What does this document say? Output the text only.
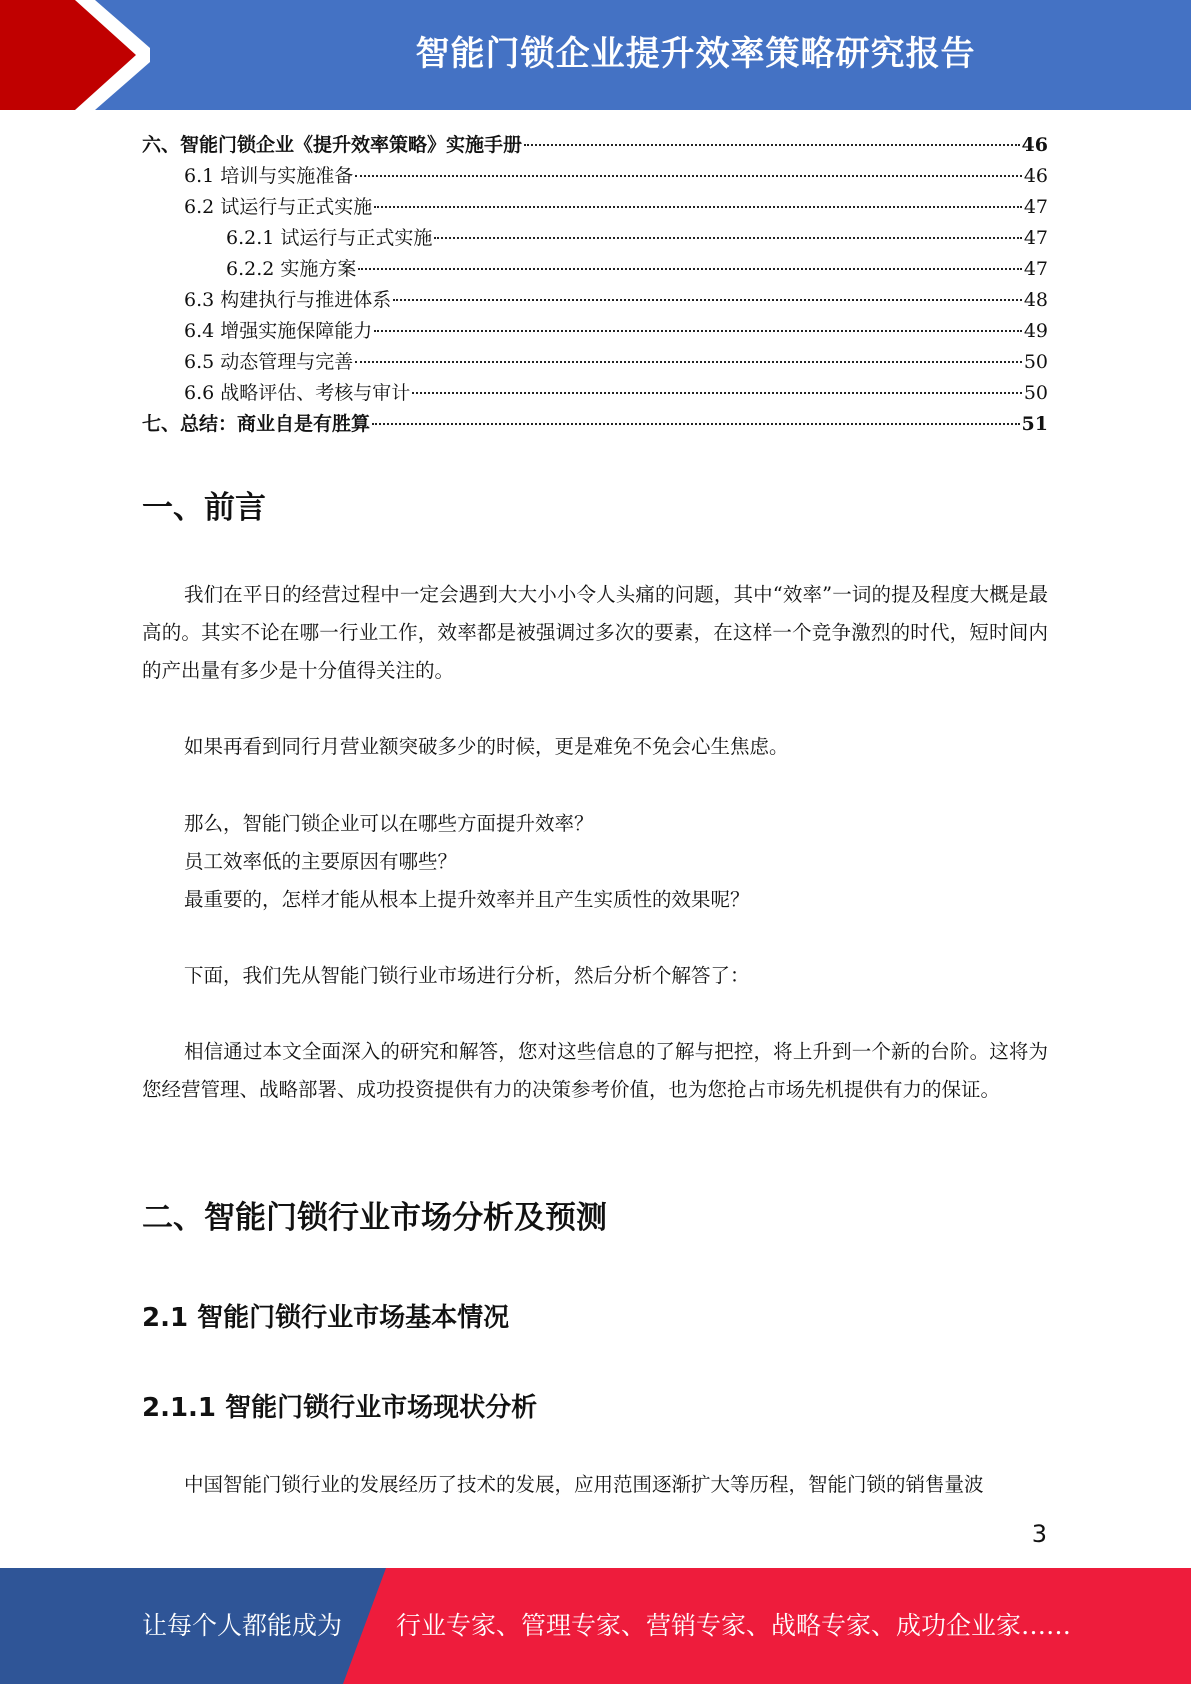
智能门锁企业提升效率策略研究报告
六、智能门锁企业《提升效率策略》实施手册	46
6.1 培训与实施准备	46
6.2 试运行与正式实施	47
6.2.1 试运行与正式实施	47
6.2.2 实施方案	47
6.3 构建执行与推进体系	48
6.4 增强实施保障能力	49
6.5 动态管理与完善	50
6.6 战略评估、考核与审计	50
七、总结：商业自是有胜算	51
一、前言

我们在平日的经营过程中一定会遇到大大小小令人头痛的问题，其中“效率”一词的提及程度大概是最高的。其实不论在哪一行业工作，效率都是被强调过多次的要素，在这样一个竞争激烈的时代，短时间内的产出量有多少是十分值得关注的。

如果再看到同行月营业额突破多少的时候，更是难免不免会心生焦虑。

那么，智能门锁企业可以在哪些方面提升效率？

员工效率低的主要原因有哪些？

最重要的，怎样才能从根本上提升效率并且产生实质性的效果呢？

下面，我们先从智能门锁行业市场进行分析，然后分析个解答了：

相信通过本文全面深入的研究和解答，您对这些信息的了解与把控，将上升到一个新的台阶。这将为您经营管理、战略部署、成功投资提供有力的决策参考价值，也为您抢占市场先机提供有力的保证。

二、智能门锁行业市场分析及预测
2.1 智能门锁行业市场基本情况
2.1.1 智能门锁行业市场现状分析

中国智能门锁行业的发展经历了技术的发展，应用范围逐渐扩大等历程，智能门锁的销售量波

3
让每个人都能成为 行业专家、管理专家、营销专家、战略专家、成功企业家……
